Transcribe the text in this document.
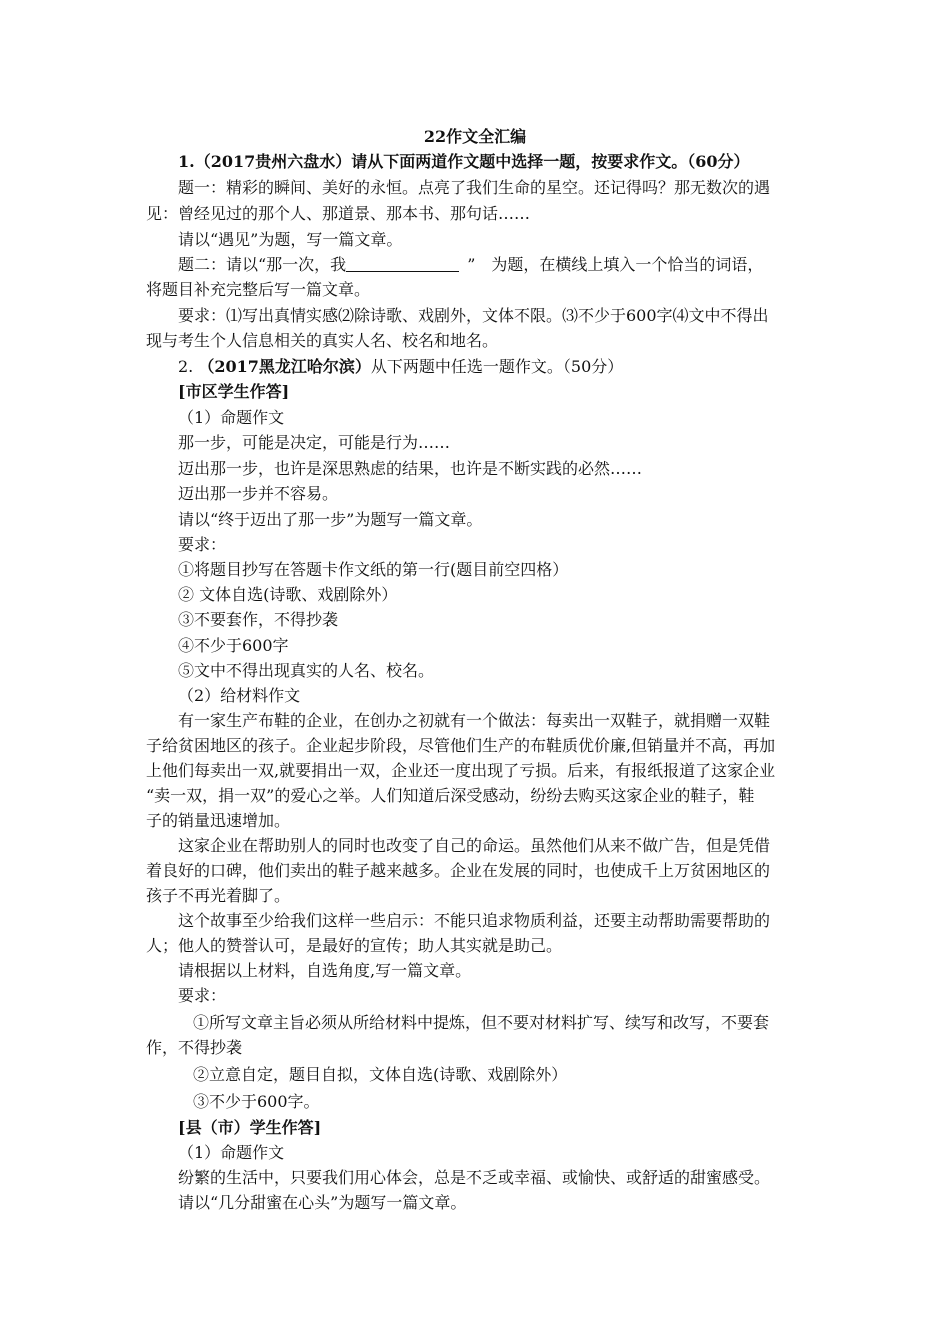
22作文全汇编
1.（2017贵州六盘水）请从下面两道作文题中选择一题，按要求作文。（60分）
题一：精彩的瞬间、美好的永恒。点亮了我们生命的星空。还记得吗？那无数次的遇
见：曾经见过的那个人、那道景、那本书、那句话……
请以“遇见”为题，写一篇文章。
题二：请以“那一次，我	”　为题，在横线上填入一个恰当的词语，
将题目补充完整后写一篇文章。
要求：⑴写出真情实感⑵除诗歌、戏剧外，文体不限。⑶不少于600字⑷文中不得出
现与考生个人信息相关的真实人名、校名和地名。
2. （2017黑龙江哈尔滨）从下两题中任选一题作文。（50分）
[市区学生作答]
（1）命题作文
那一步，可能是决定，可能是行为……
迈出那一步，也许是深思熟虑的结果，也许是不断实践的必然……
迈出那一步并不容易。
请以“终于迈出了那一步”为题写一篇文章。
要求：
①将题目抄写在答题卡作文纸的第一行(题目前空四格）
② 文体自选(诗歌、戏剧除外）
③不要套作，不得抄袭
④不少于600字
⑤文中不得出现真实的人名、校名。
（2）给材料作文
有一家生产布鞋的企业，在创办之初就有一个做法：每卖出一双鞋子，就捐赠一双鞋
子给贫困地区的孩子。企业起步阶段，尽管他们生产的布鞋质优价廉,但销量并不高，再加
上他们每卖出一双,就要捐出一双，企业还一度出现了亏损。后来，有报纸报道了这家企业
“卖一双，捐一双”的爱心之举。人们知道后深受感动，纷纷去购买这家企业的鞋子，鞋
子的销量迅速增加。
这家企业在帮助别人的同时也改变了自己的命运。虽然他们从来不做广告，但是凭借
着良好的口碑，他们卖出的鞋子越来越多。企业在发展的同时，也使成千上万贫困地区的
孩子不再光着脚了。
这个故事至少给我们这样一些启示：不能只追求物质利益，还要主动帮助需要帮助的
人；他人的赞誉认可，是最好的宣传；助人其实就是助己。
请根据以上材料，自选角度,写一篇文章。
要求：
①所写文章主旨必须从所给材料中提炼，但不要对材料扩写、续写和改写，不要套
作，不得抄袭
②立意自定，题目自拟，文体自选(诗歌、戏剧除外）
③不少于600字。
[县（市）学生作答]
（1）命题作文
纷繁的生活中，只要我们用心体会，总是不乏或幸福、或愉快、或舒适的甜蜜感受。
请以“几分甜蜜在心头”为题写一篇文章。
